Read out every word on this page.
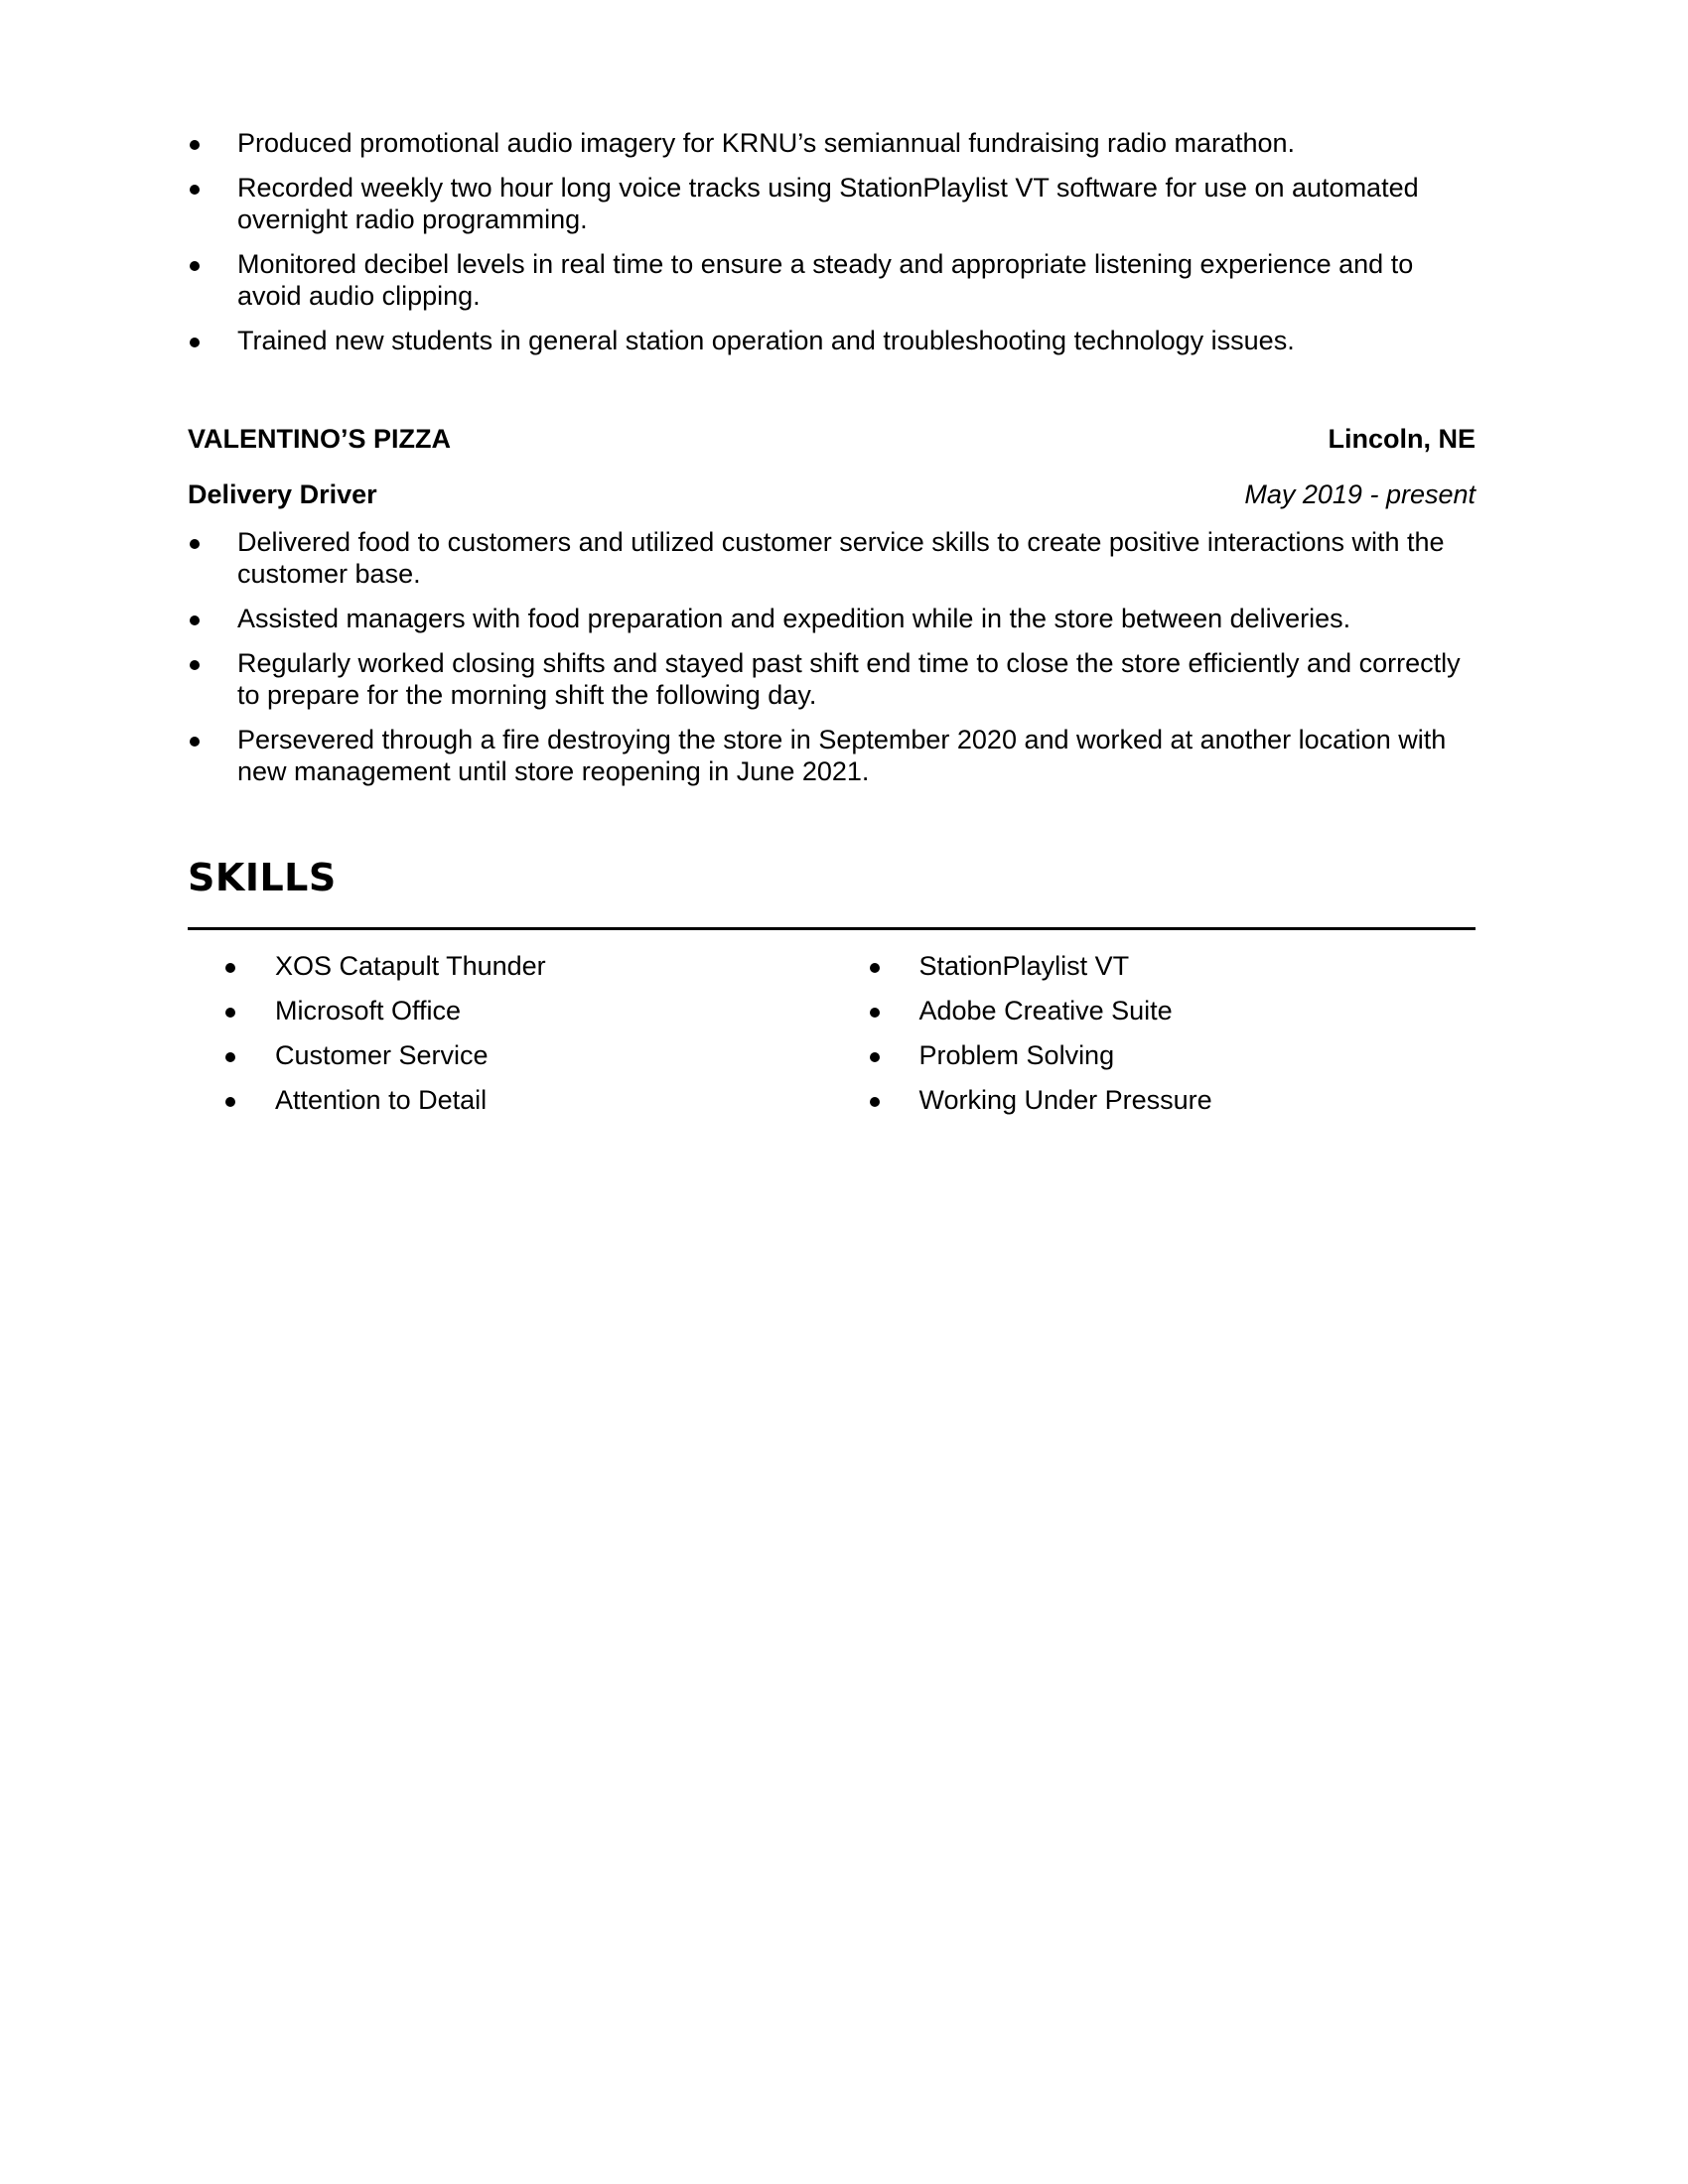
Produced promotional audio imagery for KRNU’s semiannual fundraising radio marathon.
Recorded weekly two hour long voice tracks using StationPlaylist VT software for use on automated overnight radio programming.
Monitored decibel levels in real time to ensure a steady and appropriate listening experience and to avoid audio clipping.
Trained new students in general station operation and troubleshooting technology issues.
VALENTINO’S PIZZA	Lincoln, NE
Delivery Driver	May 2019 - present
Delivered food to customers and utilized customer service skills to create positive interactions with the customer base.
Assisted managers with food preparation and expedition while in the store between deliveries.
Regularly worked closing shifts and stayed past shift end time to close the store efficiently and correctly to prepare for the morning shift the following day.
Persevered through a fire destroying the store in September 2020 and worked at another location with new management until store reopening in June 2021.
SKILLS
XOS Catapult Thunder
Microsoft Office
Customer Service
Attention to Detail
StationPlaylist VT
Adobe Creative Suite
Problem Solving
Working Under Pressure
